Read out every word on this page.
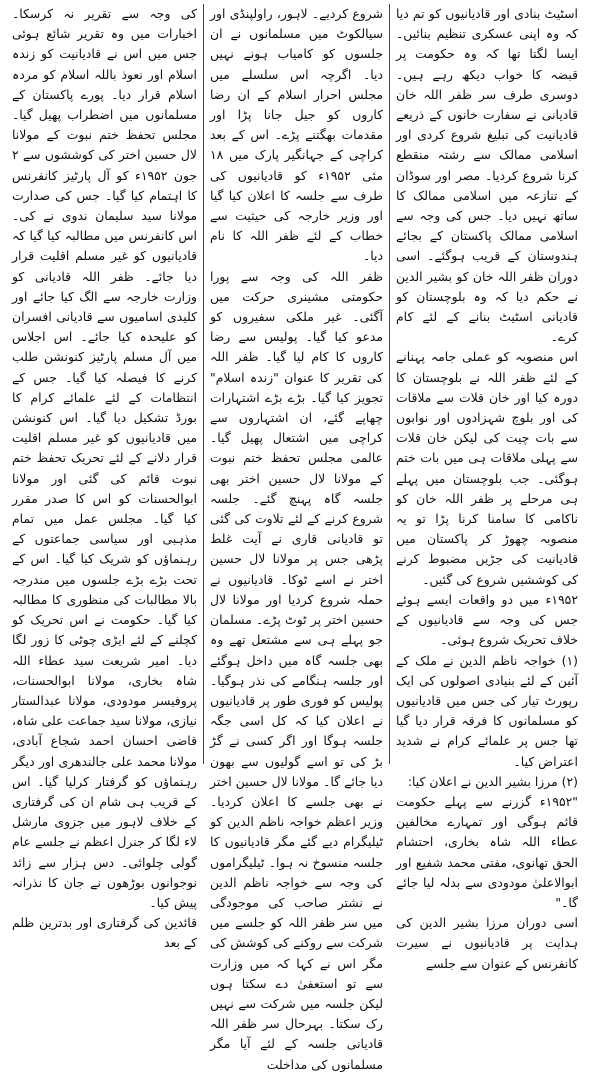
اسٹیٹ بنادی اور قادیانیوں کو تم دیا کہ وہ اپنی عسکری تنظیم بنائیں۔ ایسا لگتا تھا کہ وہ حکومت پر قبضہ کا خواب دیکھ رہے ہیں۔ دوسری طرف سر ظفر اللہ خان قادیانی نے سفارت خانوں کے ذریعے قادیانیت کی تبلیغ شروع کردی اور اسلامی ممالک سے رشتہ منقطع کرنا شروع کردیا۔ مصر اور سوڈان کے تنازعہ میں اسلامی ممالک کا ساتھ نہیں دیا۔ جس کی وجہ سے اسلامی ممالک پاکستان کے بجائے ہندوستان کے قریب ہوگئے۔ اسی دوران ظفر اللہ خان کو بشیر الدین نے حکم دیا کہ وہ بلوچستان کو قادیانی اسٹیٹ بنانے کے لئے کام کرے۔

اس منصوبہ کو عملی جامہ پہنانے کے لئے ظفر اللہ نے بلوچستان کا دورہ کیا اور خان قلات سے ملاقات کی اور بلوچ شہزادوں اور نوابوں سے بات چیت کی لیکن خان قلات سے پہلی ملاقات ہی میں بات ختم ہوگئی۔ جب بلوچستان میں پہلے ہی مرحلے پر ظفر اللہ خان کو ناکامی کا سامنا کرنا پڑا تو یہ منصوبہ چھوڑ کر پاکستان میں قادیانیت کی جڑیں مضبوط کرنے کی کوششیں شروع کی گئیں۔

۱۹۵۲ء میں دو واقعات ایسے ہوئے جس کی وجہ سے قادیانیوں کے خلاف تحریک شروع ہوئی۔

(۱) خواجہ ناظم الدین نے ملک کے آئین کے لئے بنیادی اصولوں کی ایک رپورٹ تیار کی جس میں قادیانیوں کو مسلمانوں کا فرقہ قرار دیا گیا تھا جس پر علمائے کرام نے شدید اعتراض کیا۔

(۲) مرزا بشیر الدین نے اعلان کیا:

"۱۹۵۲ء گزرنے سے پہلے حکومت قائم ہوگی اور تمہارے مخالفین عطاء اللہ شاہ بخاری، احتشام الحق تھانوی، مفتی محمد شفیع اور ابوالاعلیٰ مودودی سے بدلہ لیا جائے گا۔"

اسی دوران مرزا بشیر الدین کی ہدایت پر قادیانیوں نے سیرت کانفرنس کے عنوان سے جلسے

شروع کردیے۔ لاہور، راولپنڈی اور سیالکوٹ میں مسلمانوں نے ان جلسوں کو کامیاب ہونے نہیں دیا۔ اگرچہ اس سلسلے میں مجلس احرار اسلام کے ان رضا کاروں کو جیل جانا پڑا اور مقدمات بھگتنے پڑے۔ اس کے بعد کراچی کے جہانگیر پارک میں ۱۸ مئی ۱۹۵۲ء کو قادیانیوں کی طرف سے جلسہ کا اعلان کیا گیا اور وزیر خارجہ کی حیثیت سے خطاب کے لئے ظفر اللہ کا نام دیا۔

ظفر اللہ کی وجہ سے پورا حکومتی مشینری حرکت میں آگئی۔ غیر ملکی سفیروں کو مدعو کیا گیا۔ پولیس سے رضا کاروں کا کام لیا گیا۔ ظفر اللہ کی تقریر کا عنوان "زندہ اسلام" تجویز کیا گیا۔ بڑے بڑے اشتہارات چھاپے گئے، ان اشتہاروں سے کراچی میں اشتعال پھیل گیا۔ عالمی مجلس تحفظ ختم نبوت کے مولانا لال حسین اختر بھی جلسہ گاہ پہنچ گئے۔ جلسہ شروع کرنے کے لئے تلاوت کی گئی تو قادیانی قاری نے آیت غلط پڑھی جس پر مولانا لال حسین اختر نے اسے ٹوکا۔ قادیانیوں نے حملہ شروع کردیا اور مولانا لال حسین اختر پر ٹوٹ پڑے۔ مسلمان جو پہلے ہی سے مشتعل تھے وہ بھی جلسہ گاہ میں داخل ہوگئے اور جلسہ ہنگامے کی نذر ہوگیا۔ پولیس کو فوری طور پر قادیانیوں نے اعلان کیا کہ کل اسی جگہ جلسہ ہوگا اور اگر کسی نے گڑ بڑ کی تو اسے گولیوں سے بھون دیا جائے گا۔ مولانا لال حسین اختر نے بھی جلسے کا اعلان کردیا۔ وزیر اعظم خواجہ ناظم الدین کو ٹیلیگرام دیے گئے مگر قادیانیوں کا جلسہ منسوخ نہ ہوا۔ ٹیلیگراموں کی وجہ سے خواجہ ناظم الدین نے نشتر صاحب کی موجودگی میں سر ظفر اللہ کو جلسے میں شرکت سے روکنے کی کوشش کی مگر اس نے کہا کہ میں وزارت سے تو استعفیٰ دے سکتا ہوں لیکن جلسہ میں شرکت سے نہیں رک سکتا۔ بہرحال سر ظفر اللہ قادیانی جلسہ کے لئے آیا مگر مسلمانوں کی مداخلت

کی وجہ سے تقریر نہ کرسکا۔ اخبارات میں وہ تقریر شائع ہوئی جس میں اس نے قادیانیت کو زندہ اسلام اور نعوذ باللہ اسلام کو مردہ اسلام قرار دیا۔ پورے پاکستان کے مسلمانوں میں اضطراب پھیل گیا۔ مجلس تحفظ ختم نبوت کے مولانا لال حسین اختر کی کوششوں سے ۲ جون ۱۹۵۲ء کو آل پارٹیز کانفرنس کا اہتمام کیا گیا۔ جس کی صدارت مولانا سید سلیمان ندوی نے کی۔ اس کانفرنس میں مطالبہ کیا گیا کہ قادیانیوں کو غیر مسلم اقلیت قرار دیا جائے۔ ظفر اللہ قادیانی کو وزارت خارجہ سے الگ کیا جائے اور کلیدی اسامیوں سے قادیانی افسران کو علیحدہ کیا جائے۔ اس اجلاس میں آل مسلم پارٹیز کنونشن طلب کرنے کا فیصلہ کیا گیا۔ جس کے انتظامات کے لئے علمائے کرام کا بورڈ تشکیل دیا گیا۔ اس کنونشن میں قادیانیوں کو غیر مسلم اقلیت قرار دلانے کے لئے تحریک تحفظ ختم نبوت قائم کی گئی اور مولانا ابوالحسنات کو اس کا صدر مقرر کیا گیا۔ مجلس عمل میں تمام مذہبی اور سیاسی جماعتوں کے رہنماؤں کو شریک کیا گیا۔ اس کے تحت بڑے بڑے جلسوں میں مندرجہ بالا مطالبات کی منظوری کا مطالبہ کیا گیا۔ حکومت نے اس تحریک کو کچلنے کے لئے ایڑی چوٹی کا زور لگا دیا۔ امیر شریعت سید عطاء اللہ شاہ بخاری، مولانا ابوالحسنات، پروفیسر مودودی، مولانا عبدالستار نیازی، مولانا سید جماعت علی شاہ، قاضی احسان احمد شجاع آبادی، مولانا محمد علی جالندھری اور دیگر رہنماؤں کو گرفتار کرلیا گیا۔ اس کے قریب ہی شام ان کی گرفتاری کے خلاف لاہور میں جزوی مارشل لاء لگا کر جنرل اعظم نے جلسے عام گولی چلوائی۔ دس ہزار سے زائد نوجوانوں بوڑھوں نے جان کا نذرانہ پیش کیا۔

قائدین کی گرفتاری اور بدترین ظلم کے بعد
